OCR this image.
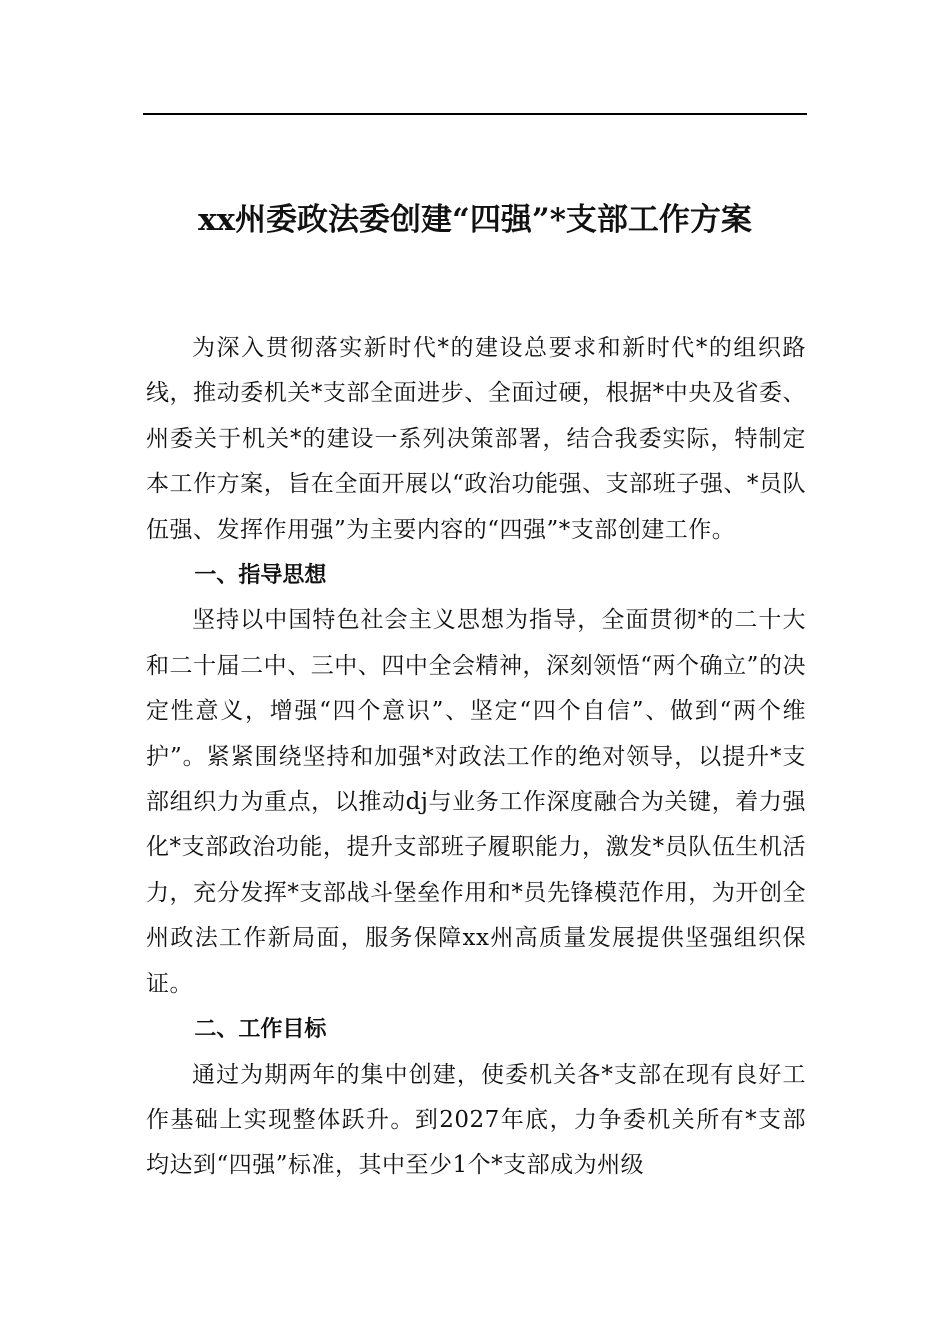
xx州委政法委创建“四强”*支部工作方案

为深入贯彻落实新时代*的建设总要求和新时代*的组织路线，推动委机关*支部全面进步、全面过硬，根据*中央及省委、州委关于机关*的建设一系列决策部署，结合我委实际，特制定本工作方案，旨在全面开展以“政治功能强、支部班子强、*员队伍强、发挥作用强”为主要内容的“四强”*支部创建工作。

一、指导思想

坚持以中国特色社会主义思想为指导，全面贯彻*的二十大和二十届二中、三中、四中全会精神，深刻领悟“两个确立”的决定性意义，增强“四个意识”、坚定“四个自信”、做到“两个维护”。紧紧围绕坚持和加强*对政法工作的绝对领导，以提升*支部组织力为重点，以推动dj与业务工作深度融合为关键，着力强化*支部政治功能，提升支部班子履职能力，激发*员队伍生机活力，充分发挥*支部战斗堡垒作用和*员先锋模范作用，为开创全州政法工作新局面，服务保障xx州高质量发展提供坚强组织保证。

二、工作目标

通过为期两年的集中创建，使委机关各*支部在现有良好工作基础上实现整体跃升。到2027年底，力争委机关所有*支部均达到“四强”标准，其中至少1个*支部成为州级
